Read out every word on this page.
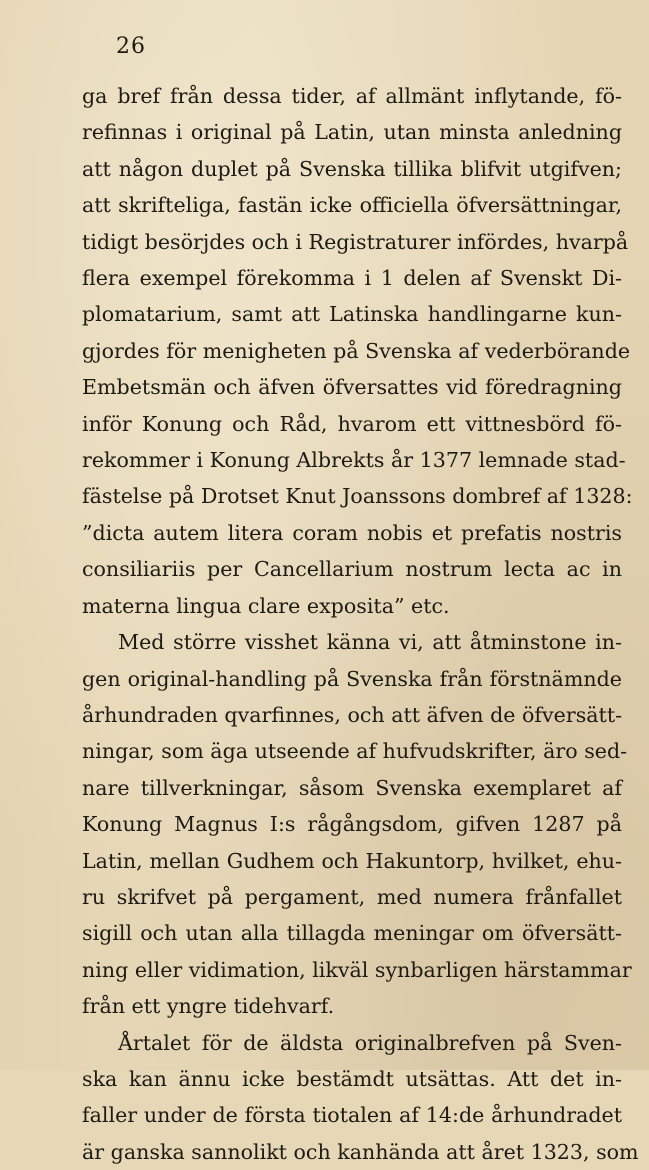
26
ga bref från dessa tider, af allmänt inflytande, fö-
refinnas i original på Latin, utan minsta anledning
att någon duplet på Svenska tillika blifvit utgifven;
att skrifteliga, fastän icke officiella öfversättningar,
tidigt besörjdes och i Registraturer infördes, hvarpå
flera exempel förekomma i 1 delen af Svenskt Di-
plomatarium, samt att Latinska handlingarne kun-
gjordes för menigheten på Svenska af vederbörande
Embetsmän och äfven öfversattes vid föredragning
inför Konung och Råd, hvarom ett vittnesbörd fö-
rekommer i Konung Albrekts år 1377 lemnade stad-
fästelse på Drotset Knut Joanssons dombref af 1328:
”dicta autem litera coram nobis et prefatis nostris
consiliariis per Cancellarium nostrum lecta ac in
materna lingua clare exposita” etc.
Med större visshet känna vi, att åtminstone in-
gen original-handling på Svenska från förstnämnde
århundraden qvarfinnes, och att äfven de öfversätt-
ningar, som äga utseende af hufvudskrifter, äro sed-
nare tillverkningar, såsom Svenska exemplaret af
Konung Magnus I:s rågångsdom, gifven 1287 på
Latin, mellan Gudhem och Hakuntorp, hvilket, ehu-
ru skrifvet på pergament, med numera frånfallet
sigill och utan alla tillagda meningar om öfversätt-
ning eller vidimation, likväl synbarligen härstammar
från ett yngre tidehvarf.
Årtalet för de äldsta originalbrefven på Sven-
ska kan ännu icke bestämdt utsättas. Att det in-
faller under de första tiotalen af 14:de århundradet
är ganska sannolikt och kanhända att året 1323, som
